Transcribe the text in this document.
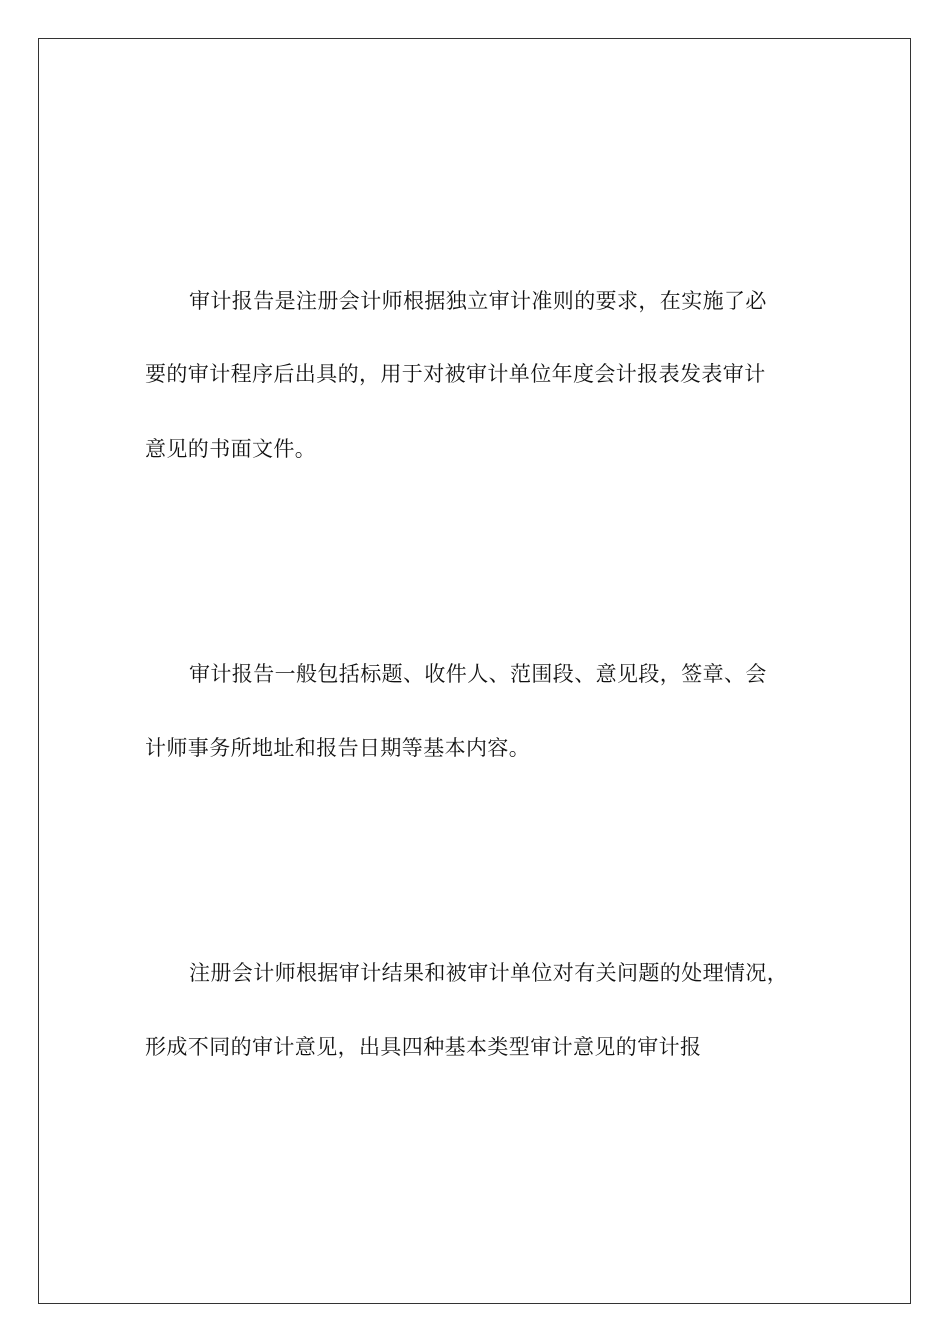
审计报告是注册会计师根据独立审计准则的要求，在实施了必
要的审计程序后出具的，用于对被审计单位年度会计报表发表审计
意见的书面文件。
审计报告一般包括标题、收件人、范围段、意见段，签章、会
计师事务所地址和报告日期等基本内容。
注册会计师根据审计结果和被审计单位对有关问题的处理情况，
形成不同的审计意见，出具四种基本类型审计意见的审计报
